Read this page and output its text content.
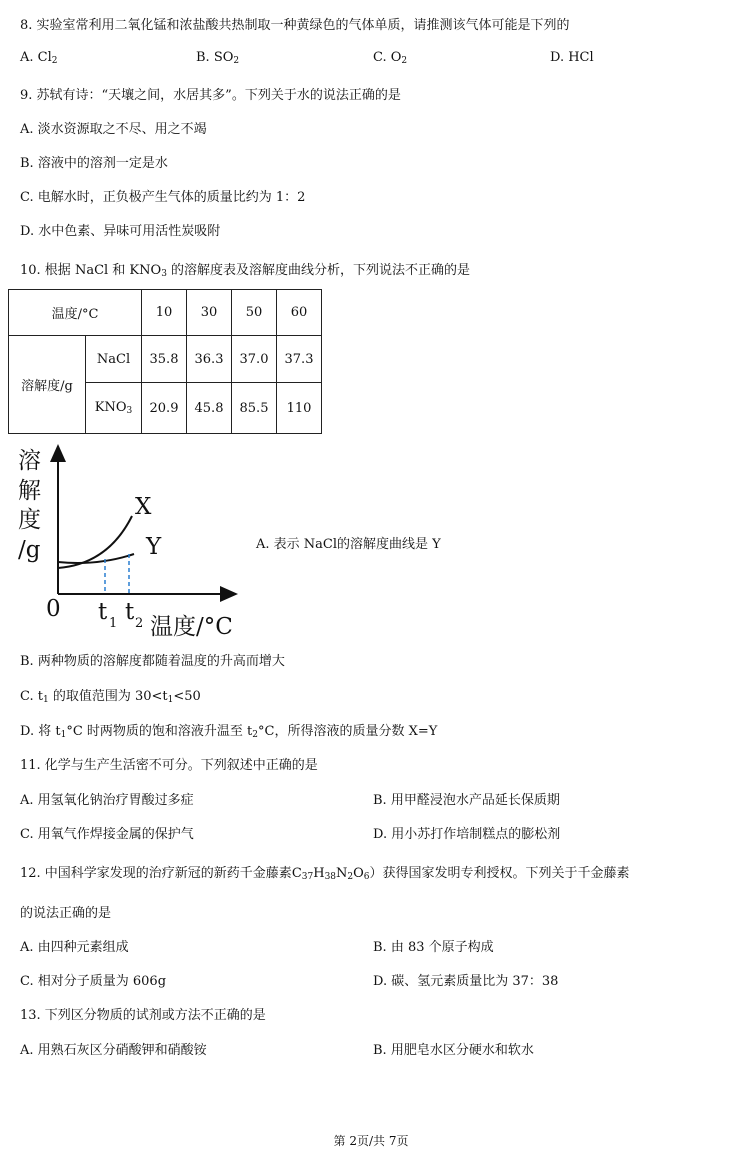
8. 实验室常利用二氧化锰和浓盐酸共热制取一种黄绿色的气体单质，请推测该气体可能是下列的
A. $Cl_2$	B. $SO_2$	C. $O_2$	D. HCl
9. 苏轼有诗：“天壤之间，水居其多”。下列关于水的说法正确的是
A. 淡水资源取之不尽、用之不竭
B. 溶液中的溶剂一定是水
C. 电解水时，正负极产生气体的质量比约为 1：2
D. 水中色素、异味可用活性炭吸附
10. 根据 NaCl 和 $KNO_3$ 的溶解度表及溶解度曲线分析，下列说法不正确的是
温度/°C		10	30	50	60
溶解度/g	NaCl	35.8	36.3	37.0	37.3
	$KNO_3$	20.9	45.8	85.5	110
溶
解
度
/g
X
Y
0 t t
温度/°C
1 2
A. 表示 NaCl的溶解度曲线是 Y
B. 两种物质的溶解度都随着温度的升高而增大
C. $t_1$ 的取值范围为 $30<t_1<50$
D. 将 $t_1^\circ C$ 时两物质的饱和溶液升温至 $t_2^\circ C$，所得溶液的质量分数 X=Y
11. 化学与生产生活密不可分。下列叙述中正确的是
A. 用氢氧化钠治疗胃酸过多症	B. 用甲醛浸泡水产品延长保质期
C. 用氧气作焊接金属的保护气	D. 用小苏打作培制糕点的膨松剂
12. 中国科学家发现的治疗新冠的新药千金藤素$C_{37}H_{38}N_2O_6$）获得国家发明专利授权。下列关于千金藤素
的说法正确的是
A. 由四种元素组成	B. 由 83 个原子构成
C. 相对分子质量为 606g	D. 碳、氢元素质量比为 37：38
13. 下列区分物质的试剂或方法不正确的是
A. 用熟石灰区分硝酸钾和硝酸铵	B. 用肥皂水区分硬水和软水
第 2页/共 7页
